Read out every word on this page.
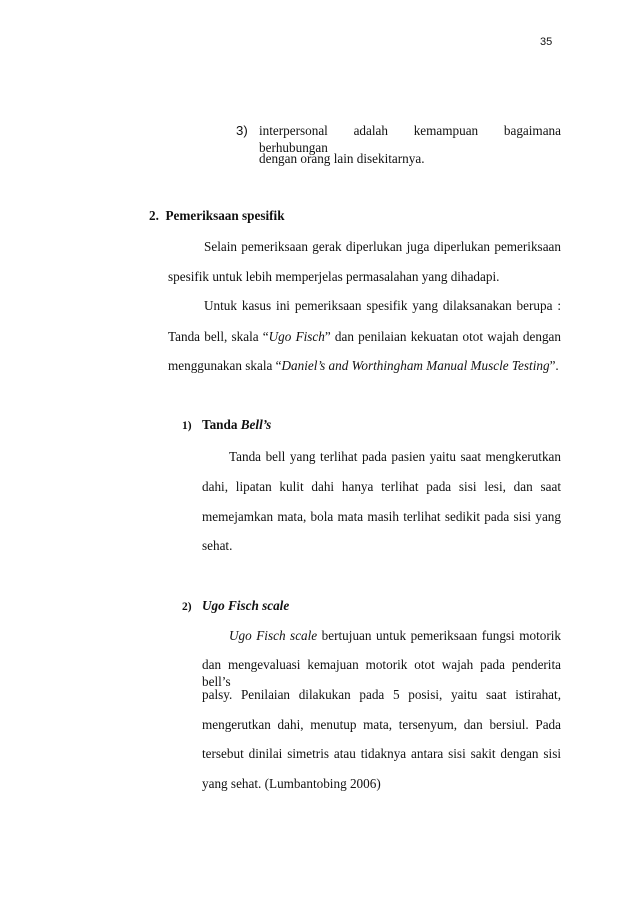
35
3) interpersonal adalah kemampuan bagaimana berhubungan
dengan orang lain disekitarnya.
2.  Pemeriksaan spesifik
Selain pemeriksaan gerak diperlukan juga diperlukan pemeriksaan
spesifik untuk lebih memperjelas permasalahan yang dihadapi.
Untuk kasus ini pemeriksaan spesifik yang dilaksanakan berupa :
Tanda bell, skala “Ugo Fisch” dan penilaian kekuatan otot wajah dengan
menggunakan skala “Daniel’s and Worthingham Manual Muscle Testing”.
1) Tanda Bell’s
Tanda bell yang terlihat pada pasien yaitu saat mengkerutkan
dahi, lipatan kulit dahi hanya terlihat pada sisi lesi, dan saat
memejamkan mata, bola mata masih terlihat sedikit pada sisi yang
sehat.
2) Ugo Fisch scale
Ugo Fisch scale bertujuan untuk pemeriksaan fungsi motorik
dan mengevaluasi kemajuan motorik otot wajah pada penderita bell’s
palsy. Penilaian dilakukan pada 5 posisi, yaitu saat istirahat,
mengerutkan dahi, menutup mata, tersenyum, dan bersiul. Pada
tersebut dinilai simetris atau tidaknya antara sisi sakit dengan sisi
yang sehat. (Lumbantobing 2006)
